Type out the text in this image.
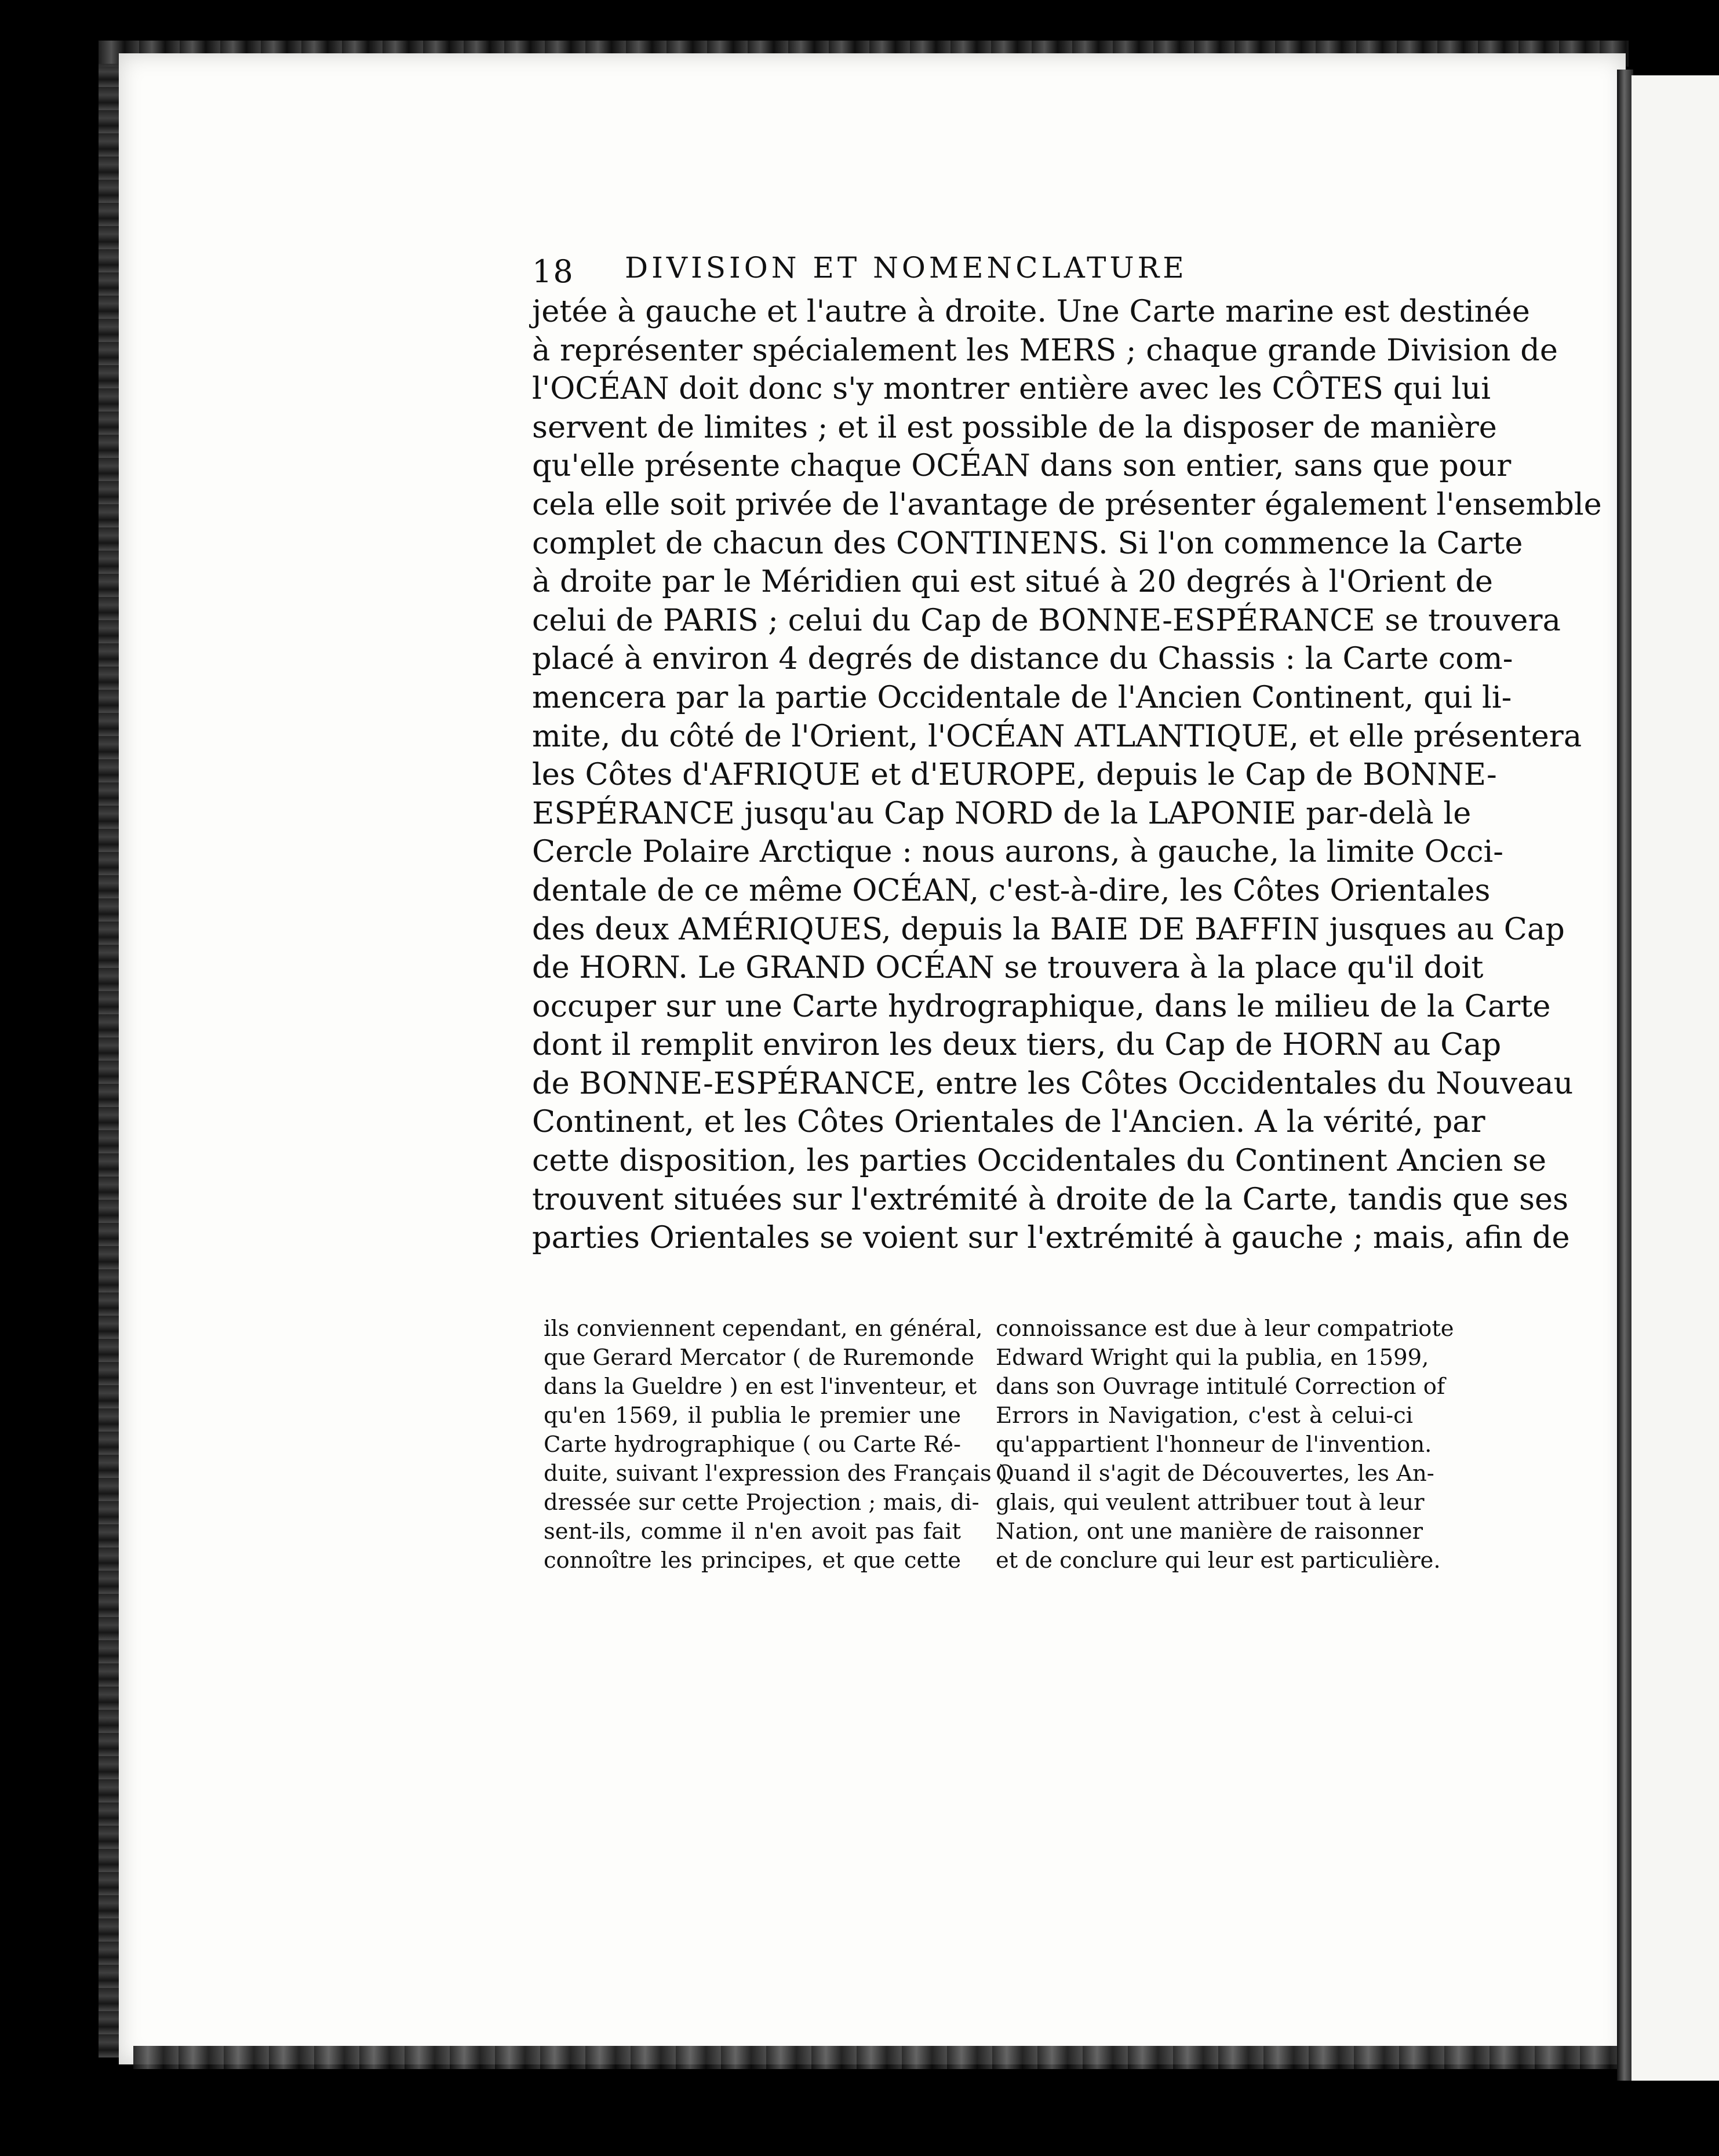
18 DIVISION ET NOMENCLATURE
jetée à gauche et l'autre à droite. Une Carte marine est destinée
à représenter spécialement les MERS ; chaque grande Division de
l'OCÉAN doit donc s'y montrer entière avec les CÔTES qui lui
servent de limites ; et il est possible de la disposer de manière
qu'elle présente chaque OCÉAN dans son entier, sans que pour
cela elle soit privée de l'avantage de présenter également l'ensemble
complet de chacun des CONTINENS. Si l'on commence la Carte
à droite par le Méridien qui est situé à 20 degrés à l'Orient de
celui de PARIS ; celui du Cap de BONNE-ESPÉRANCE se trouvera
placé à environ 4 degrés de distance du Chassis : la Carte com-
mencera par la partie Occidentale de l'Ancien Continent, qui li-
mite, du côté de l'Orient, l'OCÉAN ATLANTIQUE, et elle présentera
les Côtes d'AFRIQUE et d'EUROPE, depuis le Cap de BONNE-
ESPÉRANCE jusqu'au Cap NORD de la LAPONIE par-delà le
Cercle Polaire Arctique : nous aurons, à gauche, la limite Occi-
dentale de ce même OCÉAN, c'est-à-dire, les Côtes Orientales
des deux AMÉRIQUES, depuis la BAIE DE BAFFIN jusques au Cap
de HORN. Le GRAND OCÉAN se trouvera à la place qu'il doit
occuper sur une Carte hydrographique, dans le milieu de la Carte
dont il remplit environ les deux tiers, du Cap de HORN au Cap
de BONNE-ESPÉRANCE, entre les Côtes Occidentales du Nouveau
Continent, et les Côtes Orientales de l'Ancien. A la vérité, par
cette disposition, les parties Occidentales du Continent Ancien se
trouvent situées sur l'extrémité à droite de la Carte, tandis que ses
parties Orientales se voient sur l'extrémité à gauche ; mais, afin de
ils conviennent cependant, en général,
que Gerard Mercator ( de Ruremonde
dans la Gueldre ) en est l'inventeur, et
qu'en 1569, il publia le premier une
Carte hydrographique ( ou Carte Ré-
duite, suivant l'expression des Français )
dressée sur cette Projection ; mais, di-
sent-ils, comme il n'en avoit pas fait
connoître les principes, et que cette
connoissance est due à leur compatriote
Edward Wright qui la publia, en 1599,
dans son Ouvrage intitulé Correction of
Errors in Navigation, c'est à celui-ci
qu'appartient l'honneur de l'invention.
Quand il s'agit de Découvertes, les An-
glais, qui veulent attribuer tout à leur
Nation, ont une manière de raisonner
et de conclure qui leur est particulière.
